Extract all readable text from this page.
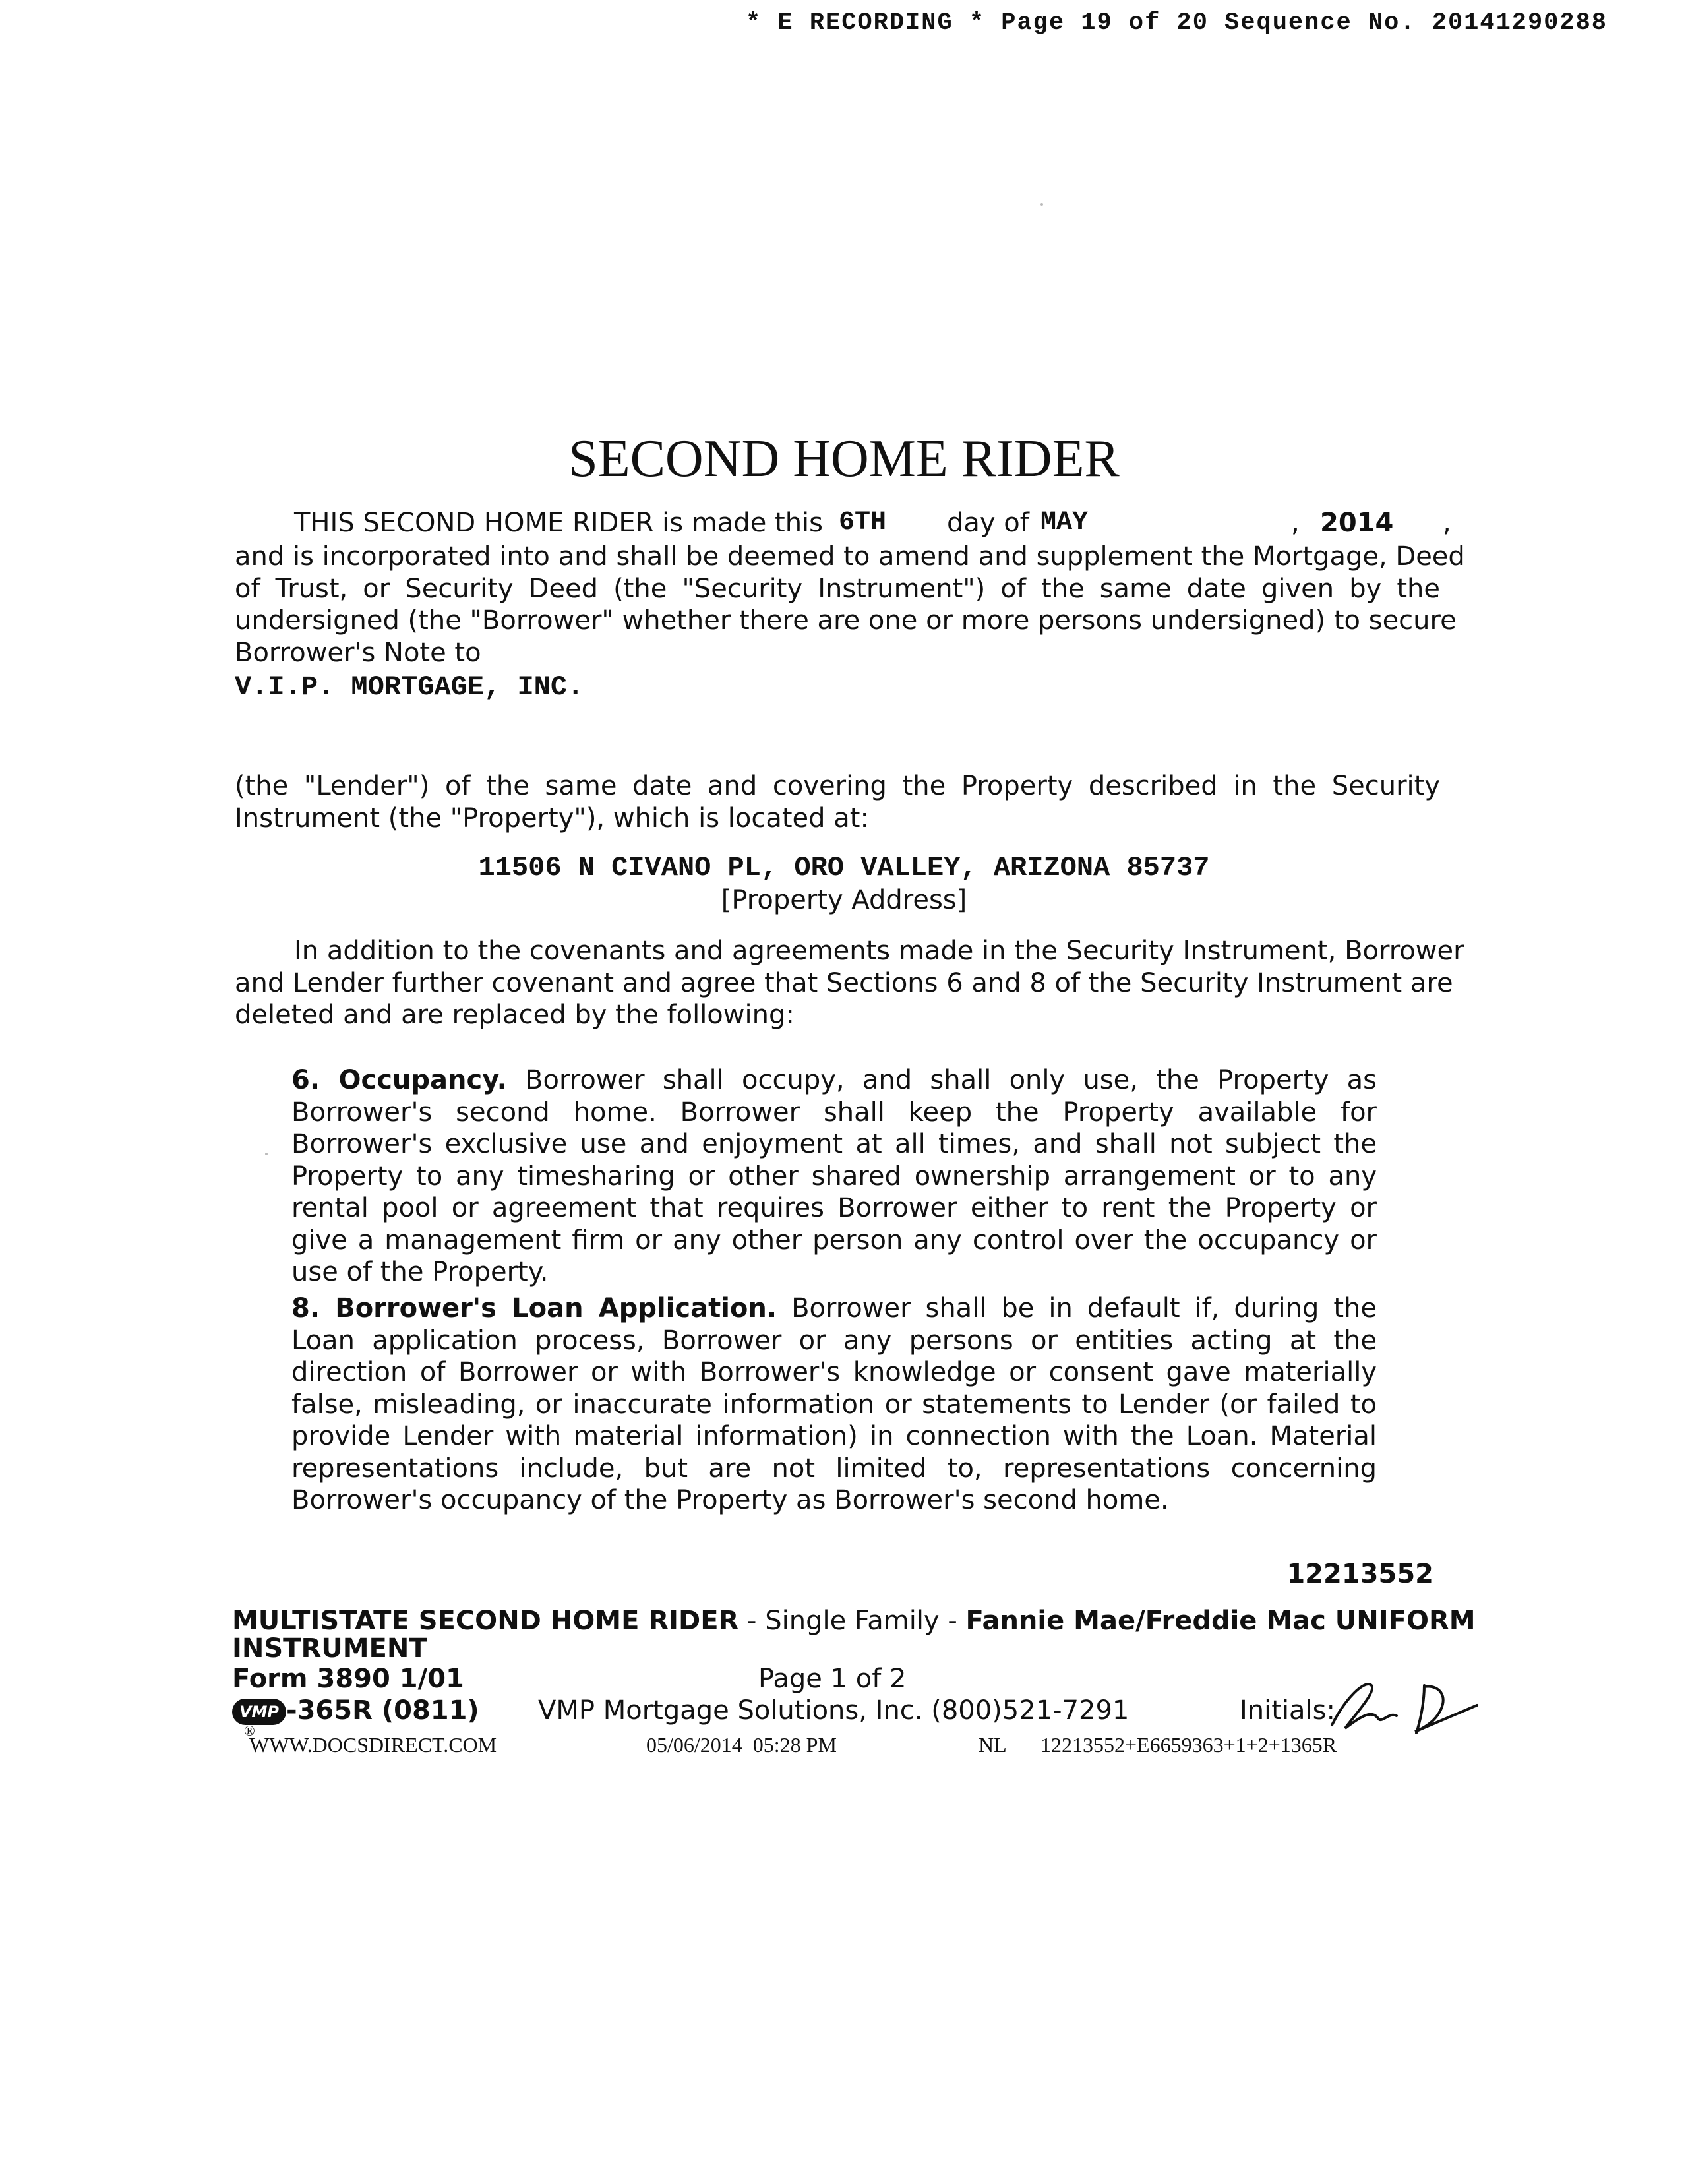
* E RECORDING * Page 19 of 20 Sequence No. 20141290288
SECOND HOME RIDER
THIS SECOND HOME RIDER is made this 6TH day of MAY	, 2014 ,
and is incorporated into and shall be deemed to amend and supplement the Mortgage, Deed
of Trust, or Security Deed (the "Security Instrument") of the same date given by the
undersigned (the "Borrower" whether there are one or more persons undersigned) to secure
Borrower's Note to
V.I.P. MORTGAGE, INC.
(the "Lender") of the same date and covering the Property described in the Security
Instrument (the "Property"), which is located at:
11506 N CIVANO PL, ORO VALLEY, ARIZONA 85737
[Property Address]
In addition to the covenants and agreements made in the Security Instrument, Borrower
and Lender further covenant and agree that Sections 6 and 8 of the Security Instrument are
deleted and are replaced by the following:
6. Occupancy. Borrower shall occupy, and shall only use, the Property as Borrower's second home. Borrower shall keep the Property available for Borrower's exclusive use and enjoyment at all times, and shall not subject the Property to any timesharing or other shared ownership arrangement or to any rental pool or agreement that requires Borrower either to rent the Property or give a management firm or any other person any control over the occupancy or use of the Property.
8. Borrower's Loan Application. Borrower shall be in default if, during the Loan application process, Borrower or any persons or entities acting at the direction of Borrower or with Borrower's knowledge or consent gave materially false, misleading, or inaccurate information or statements to Lender (or failed to provide Lender with material information) in connection with the Loan. Material representations include, but are not limited to, representations concerning Borrower's occupancy of the Property as Borrower's second home.
12213552
MULTISTATE SECOND HOME RIDER - Single Family - Fannie Mae/Freddie Mac UNIFORM
INSTRUMENT
Form 3890 1/01	Page 1 of 2
VMP -365R (0811) VMP Mortgage Solutions, Inc. (800)521-7291	Initials:
®
WWW.DOCSDIRECT.COM	05/06/2014  05:28 PM	NL 12213552+E6659363+1+2+1365R
